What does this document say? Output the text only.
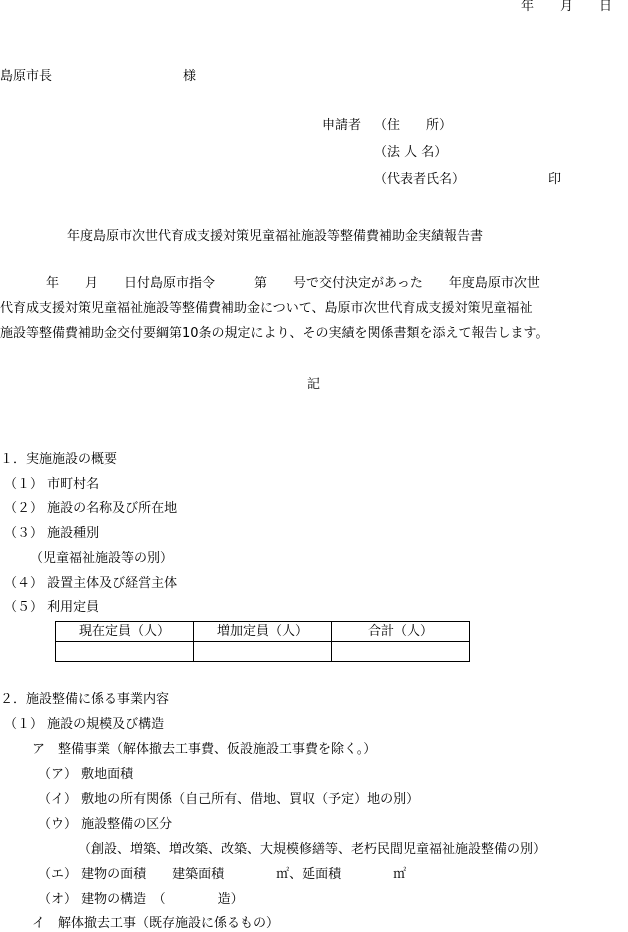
年　　月　　日
島原市長	様
申請者 （住　　所）
（法 人 名）
（代表者氏名）	印
年度島原市次世代育成支援対策児童福祉施設等整備費補助金実績報告書
年　　月　　日付島原市指令　　　第　　号で交付決定があった　　年度島原市次世
代育成支援対策児童福祉施設等整備費補助金について、島原市次世代育成支援対策児童福祉
施設等整備費補助金交付要綱第10条の規定により、その実績を関係書類を添えて報告します。
記
１．実施施設の概要
（１） 市町村名
（２） 施設の名称及び所在地
（３） 施設種別
（児童福祉施設等の別）
（４） 設置主体及び経営主体
（５） 利用定員
現在定員（人）	増加定員（人）	合計（人）

２．施設整備に係る事業内容
（１） 施設の規模及び構造
ア　整備事業（解体撤去工事費、仮設施設工事費を除く。）
（ア） 敷地面積
（イ） 敷地の所有関係（自己所有、借地、買収（予定）地の別）
（ウ） 施設整備の区分
（創設、増築、増改築、改築、大規模修繕等、老朽民間児童福祉施設整備の別）
（エ） 建物の面積　　建築面積　　　　㎡、延面積　　　　㎡
（オ） 建物の構造　（　　　　造）
イ　解体撤去工事（既存施設に係るもの）
